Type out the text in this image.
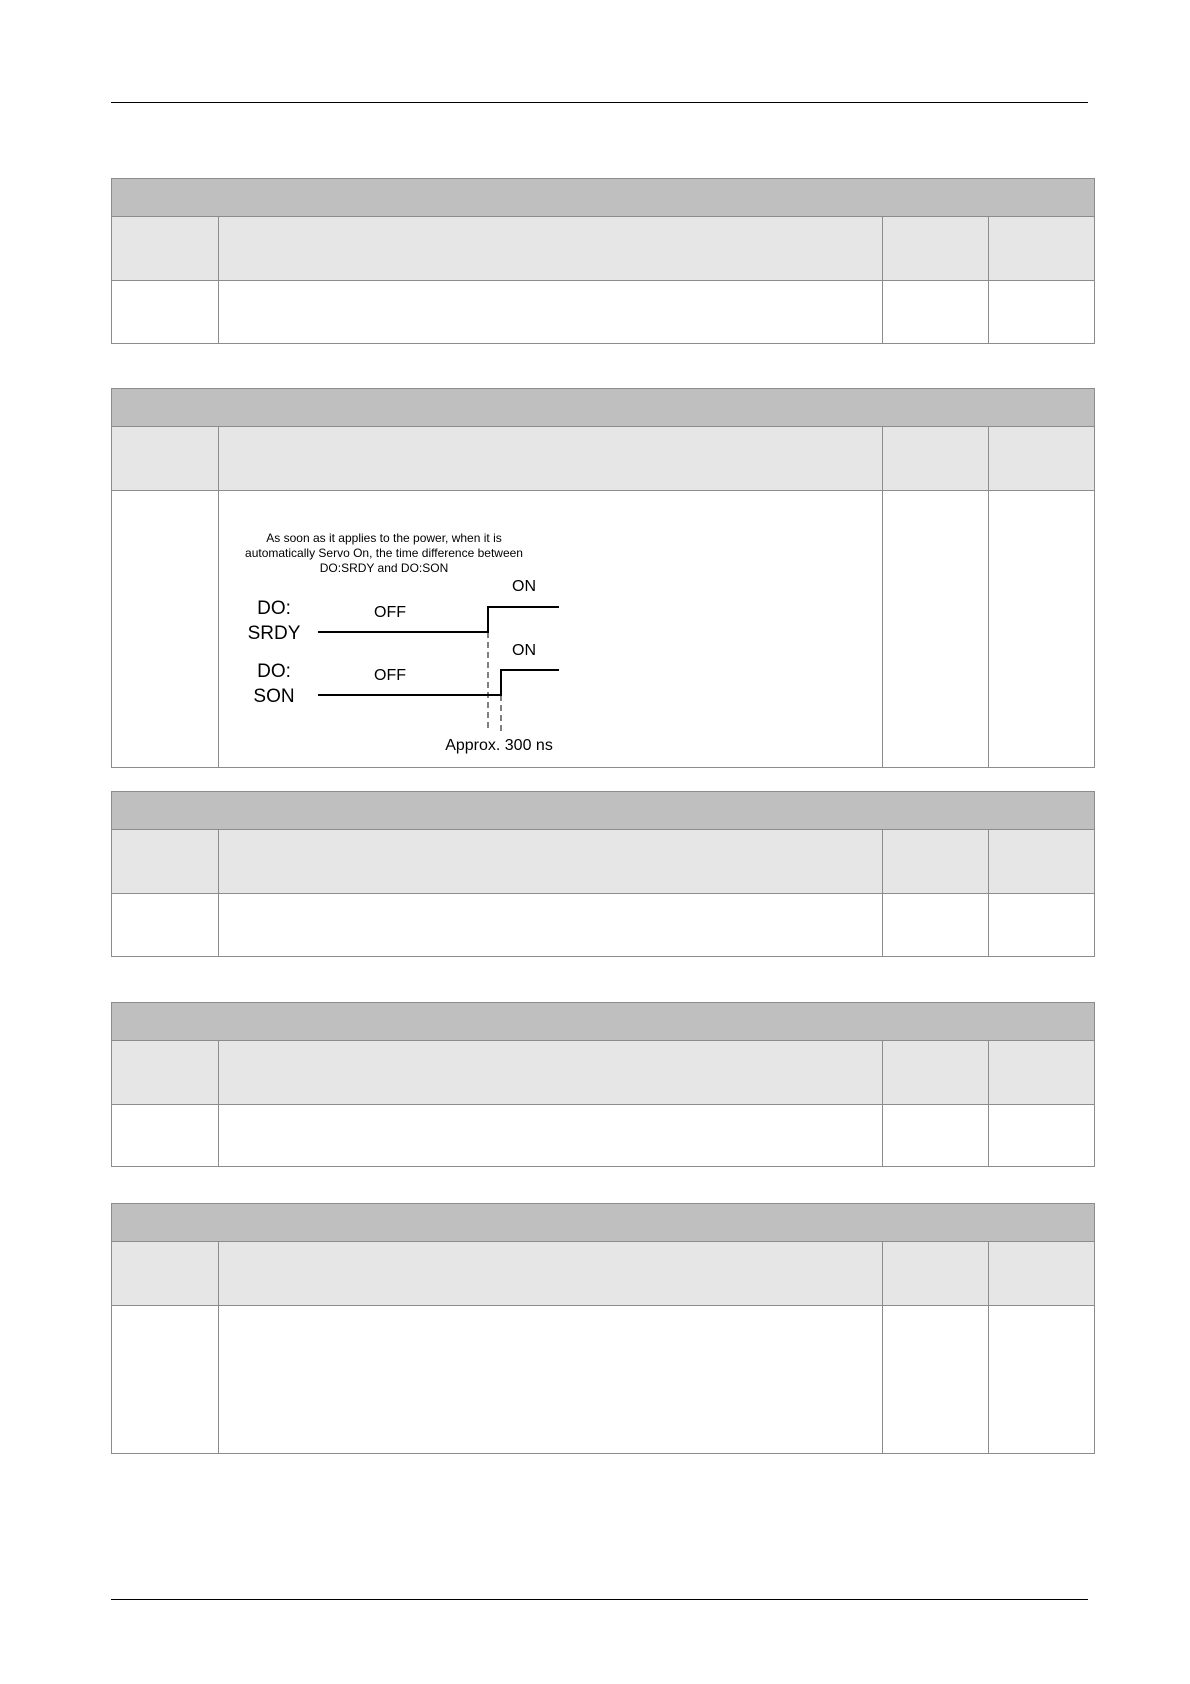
As soon as it applies to the power, when it is
automatically Servo On, the time difference between
DO:SRDY and DO:SON
DO:
SRDY
OFF
ON
DO:
SON
OFF
ON
Approx. 300 ns
